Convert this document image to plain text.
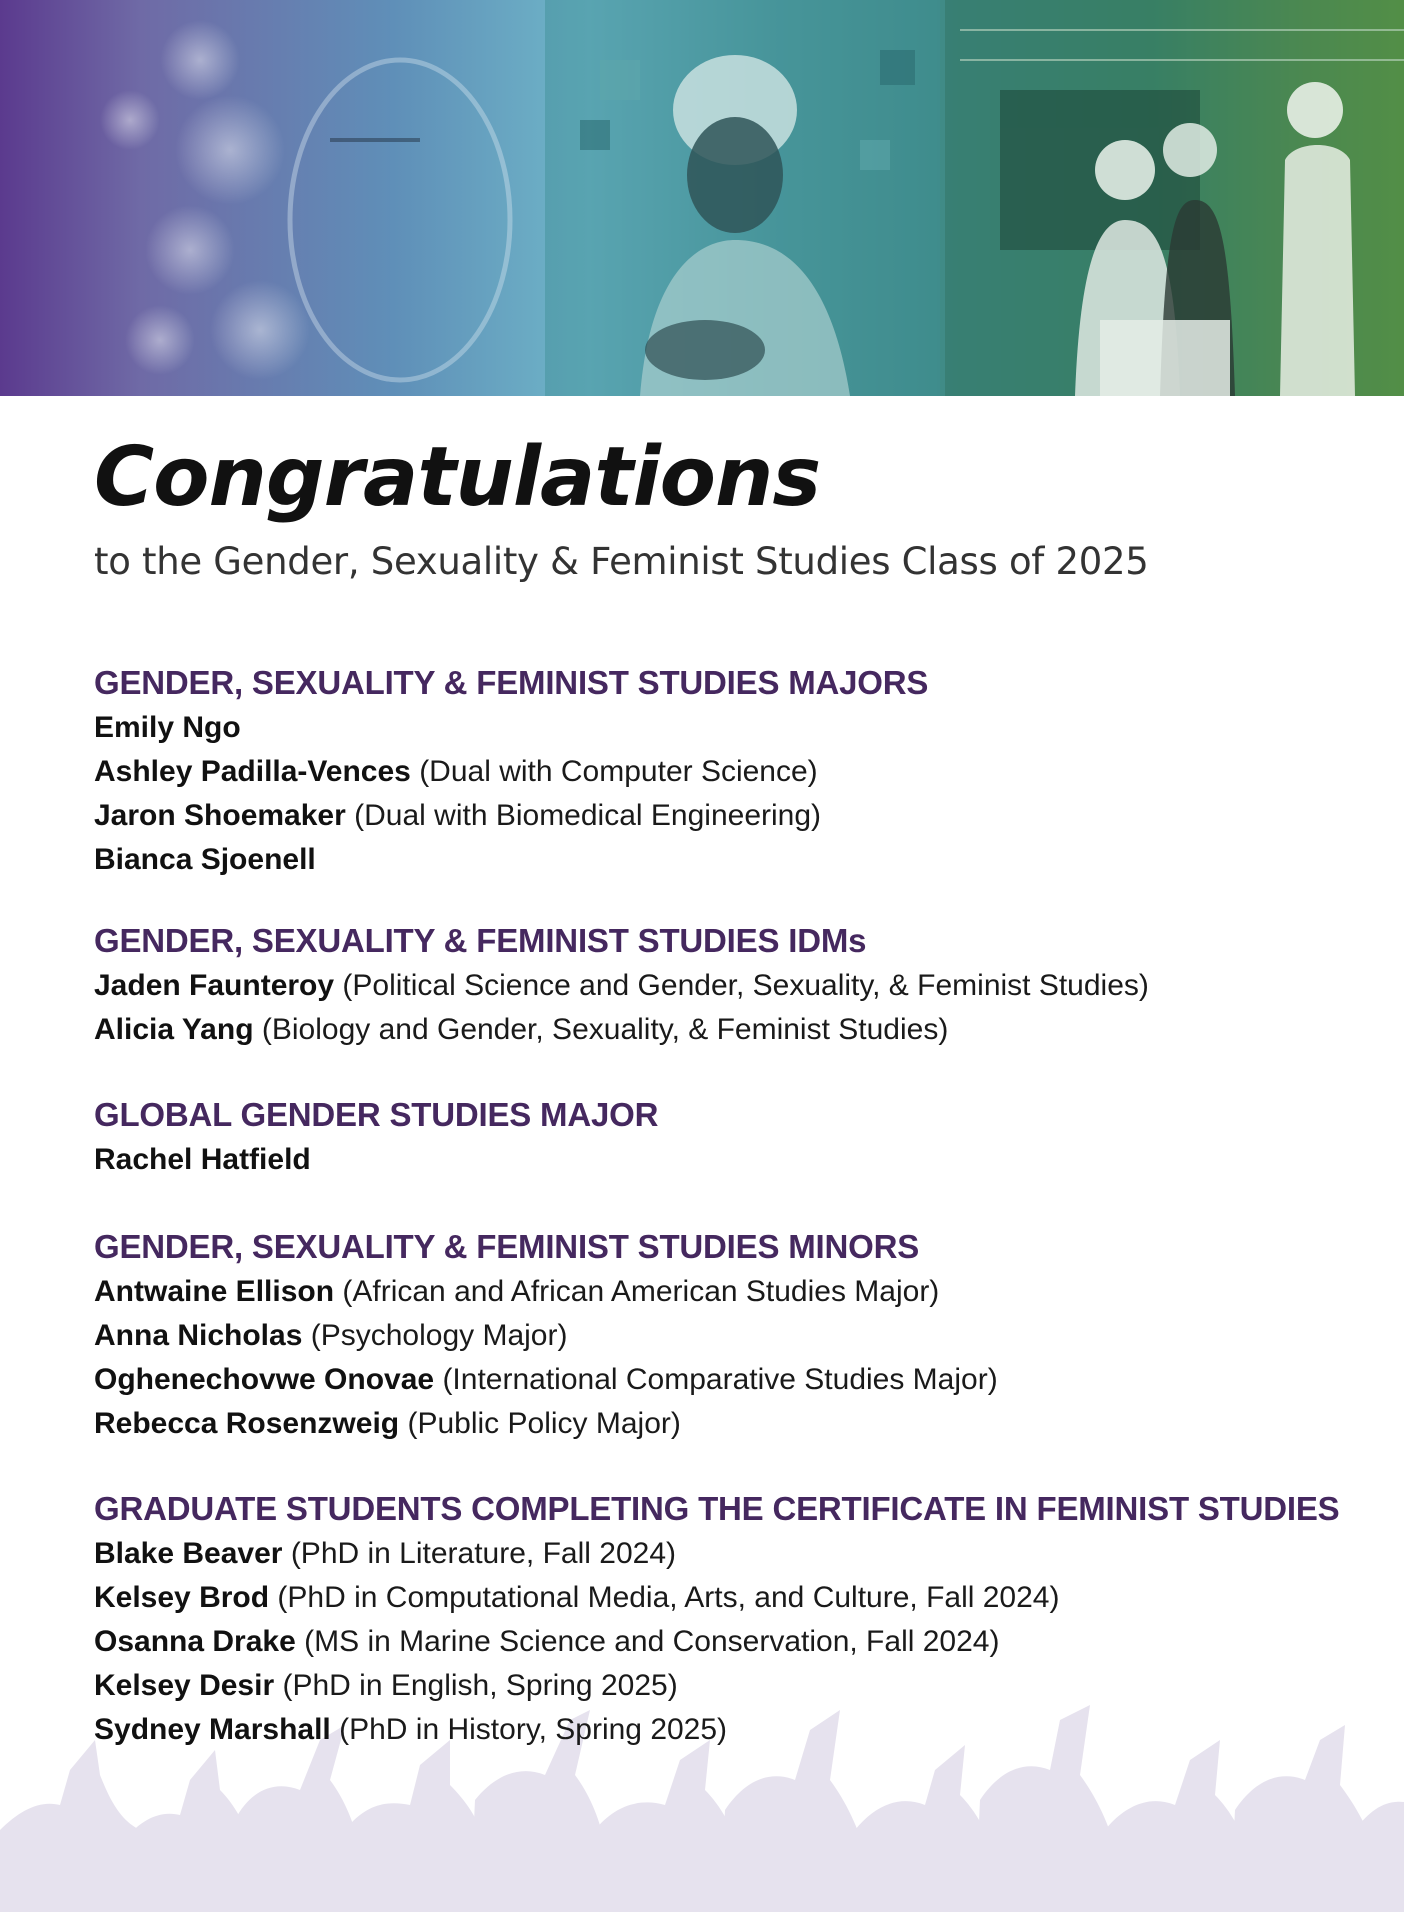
Congratulations

to the Gender, Sexuality & Feminist Studies Class of 2025

GENDER, SEXUALITY & FEMINIST STUDIES MAJORS

Emily Ngo

Ashley Padilla-Vences (Dual with Computer Science)

Jaron Shoemaker (Dual with Biomedical Engineering)

Bianca Sjoenell

GENDER, SEXUALITY & FEMINIST STUDIES IDMs

Jaden Faunteroy (Political Science and Gender, Sexuality, & Feminist Studies)

Alicia Yang (Biology and Gender, Sexuality, & Feminist Studies)

GLOBAL GENDER STUDIES MAJOR

Rachel Hatfield

GENDER, SEXUALITY & FEMINIST STUDIES MINORS

Antwaine Ellison (African and African American Studies Major)

Anna Nicholas (Psychology Major)

Oghenechovwe Onovae (International Comparative Studies Major)

Rebecca Rosenzweig (Public Policy Major)

GRADUATE STUDENTS COMPLETING THE CERTIFICATE IN FEMINIST STUDIES

Blake Beaver (PhD in Literature, Fall 2024)

Kelsey Brod (PhD in Computational Media, Arts, and Culture, Fall 2024)

Osanna Drake (MS in Marine Science and Conservation, Fall 2024)

Kelsey Desir (PhD in English, Spring 2025)

Sydney Marshall (PhD in History, Spring 2025)
